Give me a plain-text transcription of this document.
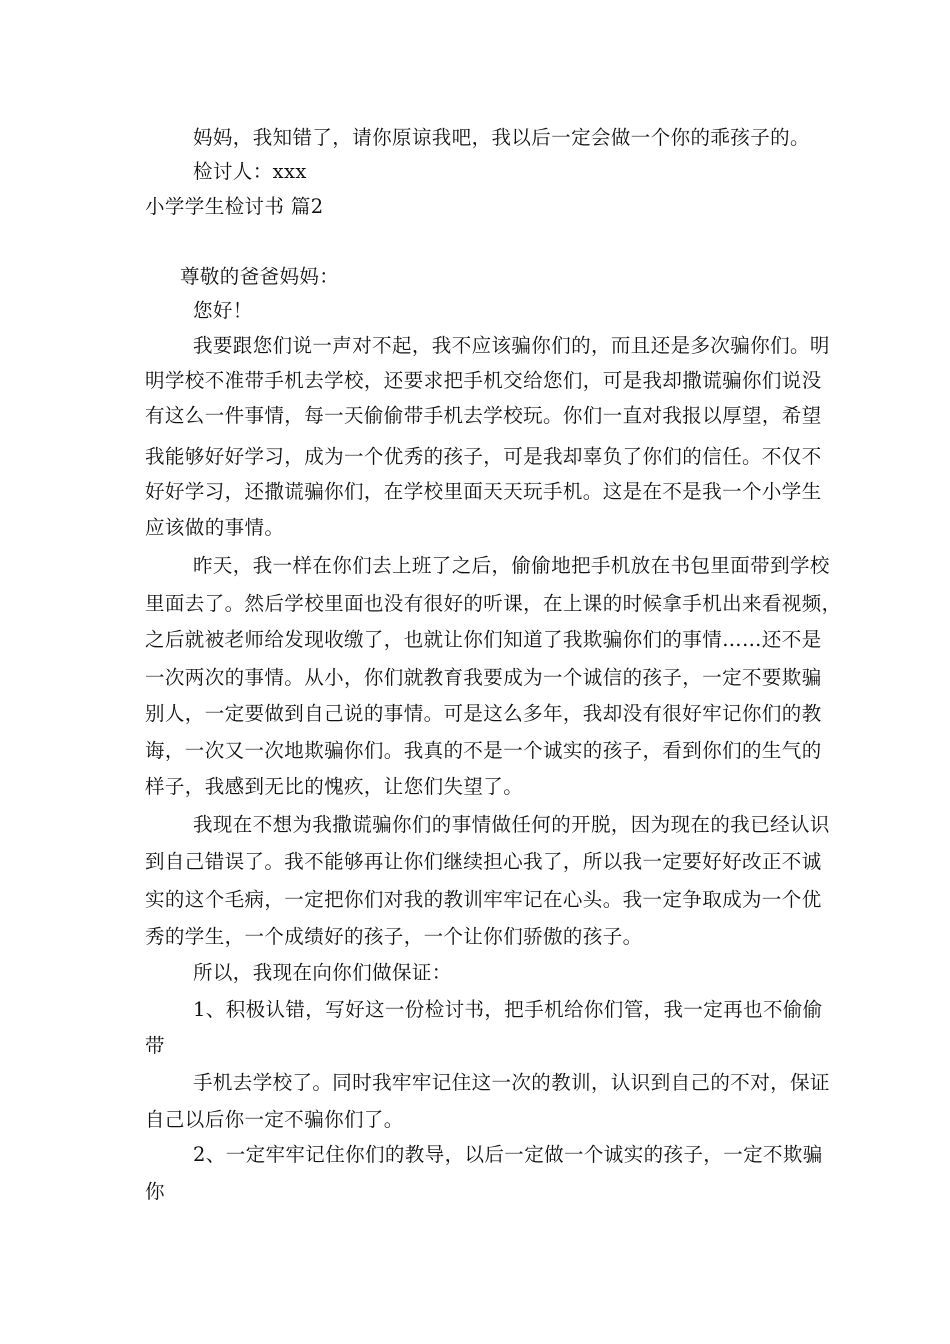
妈妈，我知错了，请你原谅我吧，我以后一定会做一个你的乖孩子的。
检讨人：xxx
小学学生检讨书 篇2
尊敬的爸爸妈妈：
您好！
我要跟您们说一声对不起，我不应该骗你们的，而且还是多次骗你们。明
明学校不准带手机去学校，还要求把手机交给您们，可是我却撒谎骗你们说没
有这么一件事情，每一天偷偷带手机去学校玩。你们一直对我报以厚望，希望
我能够好好学习，成为一个优秀的孩子，可是我却辜负了你们的信任。不仅不
好好学习，还撒谎骗你们，在学校里面天天玩手机。这是在不是我一个小学生
应该做的事情。
昨天，我一样在你们去上班了之后，偷偷地把手机放在书包里面带到学校
里面去了。然后学校里面也没有很好的听课，在上课的时候拿手机出来看视频，
之后就被老师给发现收缴了，也就让你们知道了我欺骗你们的事情……还不是
一次两次的事情。从小，你们就教育我要成为一个诚信的孩子，一定不要欺骗
别人，一定要做到自己说的事情。可是这么多年，我却没有很好牢记你们的教
诲，一次又一次地欺骗你们。我真的不是一个诚实的孩子，看到你们的生气的
样子，我感到无比的愧疚，让您们失望了。
我现在不想为我撒谎骗你们的事情做任何的开脱，因为现在的我已经认识
到自己错误了。我不能够再让你们继续担心我了，所以我一定要好好改正不诚
实的这个毛病，一定把你们对我的教训牢牢记在心头。我一定争取成为一个优
秀的学生，一个成绩好的孩子，一个让你们骄傲的孩子。
所以，我现在向你们做保证：
1、积极认错，写好这一份检讨书，把手机给你们管，我一定再也不偷偷
带
手机去学校了。同时我牢牢记住这一次的教训，认识到自己的不对，保证
自己以后你一定不骗你们了。
2、一定牢牢记住你们的教导，以后一定做一个诚实的孩子，一定不欺骗
你
